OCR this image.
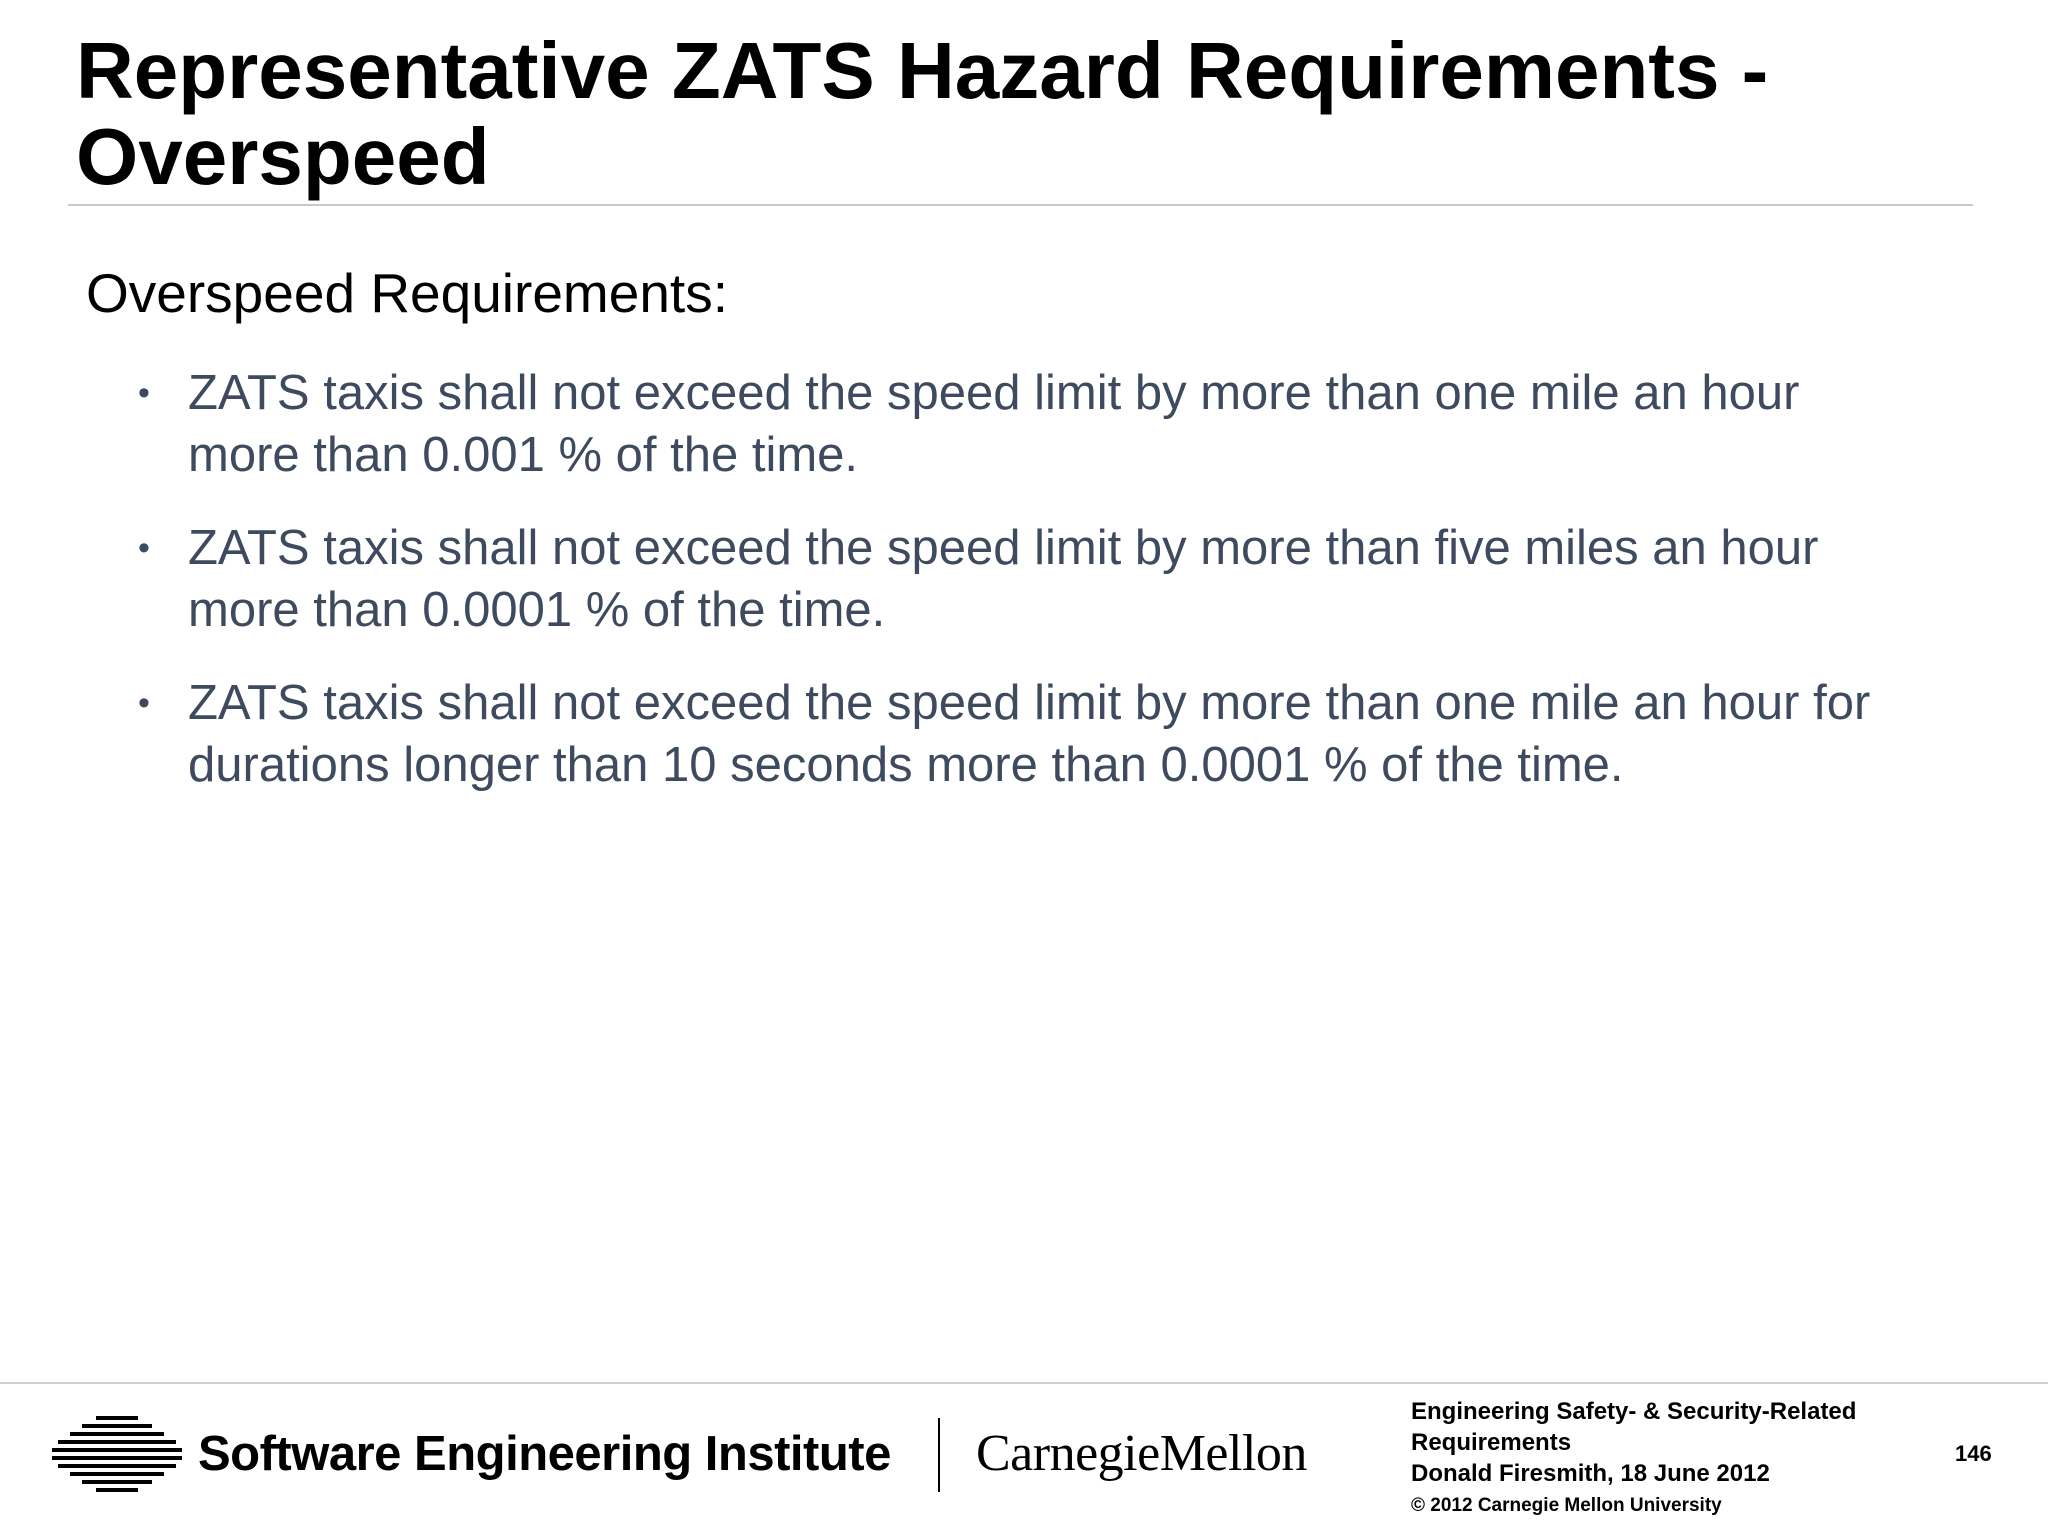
Representative ZATS Hazard Requirements -
Overspeed
Overspeed Requirements:
• ZATS taxis shall not exceed the speed limit by more than one mile an hour
more than 0.001 % of the time.
• ZATS taxis shall not exceed the speed limit by more than five miles an hour
more than 0.0001 % of the time.
• ZATS taxis shall not exceed the speed limit by more than one mile an hour for
durations longer than 10 seconds more than 0.0001 % of the time.
Software Engineering Institute CarnegieMellon
Engineering Safety- & Security-Related
Requirements
Donald Firesmith, 18 June 2012
© 2012 Carnegie Mellon University
146
